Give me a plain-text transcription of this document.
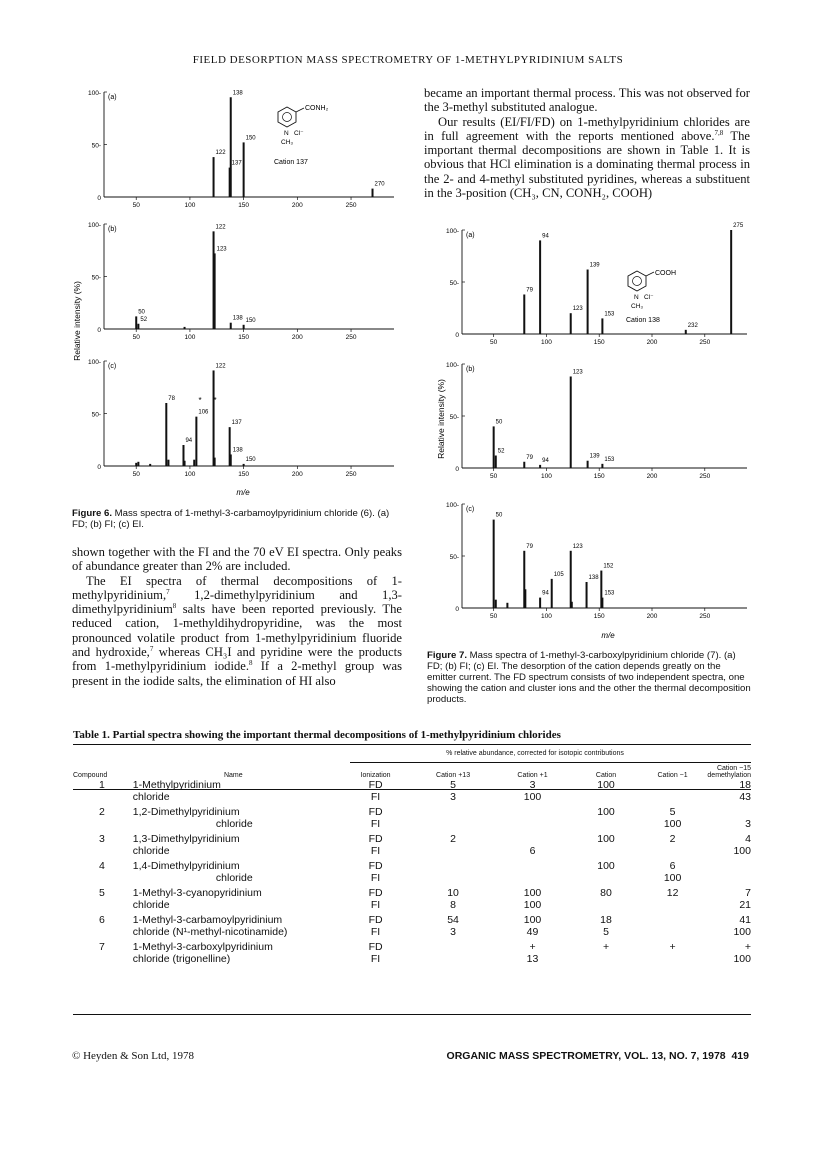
FIELD DESORPTION MASS SPECTROMETRY OF 1-METHYLPYRIDINIUM SALTS
100-
50-
0
50	100	150	200	250
(a)
122
137
138
150
270
100-
50-
0
50	100	150	200	250
(b)
50
52
122
123
138 150
100-
50-
0
50	100	150	200	250
(c)
78
94
106
122
137
138
150
* *
Relative intensity (%)
m/e
CONH₂
N Cl⁻
CH₃
Cation 137
Figure 6. Mass spectra of 1-methyl-3-carbamoylpyridinium chloride (6). (a) FD; (b) FI; (c) EI.
100-
50-
0
50	100	150	200	250
(a)
79
94
123
139
153
232
275
100-
50-
0
50	100	150	200	250
(b)
50
52
79
94
123
139
153
100-
50-
0
50	100	150	200	250
(c)
50
79
94
105
123
138
152
153
Relative intensity (%)
m/e
COOH
N Cl⁻
CH₃
Cation 138
Figure 7. Mass spectra of 1-methyl-3-carboxylpyridinium chloride (7). (a) FD; (b) FI; (c) EI. The desorption of the cation depends greatly on the emitter current. The FD spectrum consists of two independent spectra, one showing the cation and cluster ions and the other the thermal decomposition products.

shown together with the FI and the 70 eV EI spectra. Only peaks of abundance greater than 2% are included.

The EI spectra of thermal decompositions of 1-methylpyridinium,$^7$ 1,2-dimethylpyridinium and 1,3-dimethylpyridinium$^8$ salts have been reported previously. The reduced cation, 1-methyldihydropyridine, was the most pronounced volatile product from 1-methylpyridinium fluoride and hydroxide,$^7$ whereas CH₃I and pyridine were the products from 1-methylpyridinium iodide.$^8$ If a 2-methyl group was present in the iodide salts, the elimination of HI also

became an important thermal process. This was not observed for the 3-methyl substituted analogue.

Our results (EI/FI/FD) on 1-methylpyridinium chlorides are in full agreement with the reports mentioned above.$^{7,8}$ The important thermal decompositions are shown in Table 1. It is obvious that HCl elimination is a dominating thermal process in the 2- and 4-methyl substituted pyridines, whereas a substituent in the 3-position (CH₃, CN, CONH₂, COOH)

Table 1. Partial spectra showing the important thermal decompositions of 1-methylpyridinium chlorides
% relative abundance, corrected for isotopic contributions
Compound	Name	Ionization	Cation +13	Cation +1	Cation	Cation −1	Cation −15 demethylation
1	1-Methylpyridinium	FD	5	3	100		18
	chloride	FI	3	100			43
2	1,2-Dimethylpyridinium	FD			100	5	
	chloride	FI				100	3
3	1,3-Dimethylpyridinium	FD	2		100	2	4
	chloride	FI		6			100
4	1,4-Dimethylpyridinium	FD			100	6	
	chloride	FI				100	
5	1-Methyl-3-cyanopyridinium	FD	10	100	80	12	7
	chloride	FI	8	100			21
6	1-Methyl-3-carbamoylpyridinium	FD	54	100	18		41
	chloride (N¹-methyl-nicotinamide)	FI	3	49	5		100
7	1-Methyl-3-carboxylpyridinium	FD		+	+	+	+
	chloride (trigonelline)	FI		13			100
© Heyden & Son Ltd, 1978	ORGANIC MASS SPECTROMETRY, VOL. 13, NO. 7, 1978 419
